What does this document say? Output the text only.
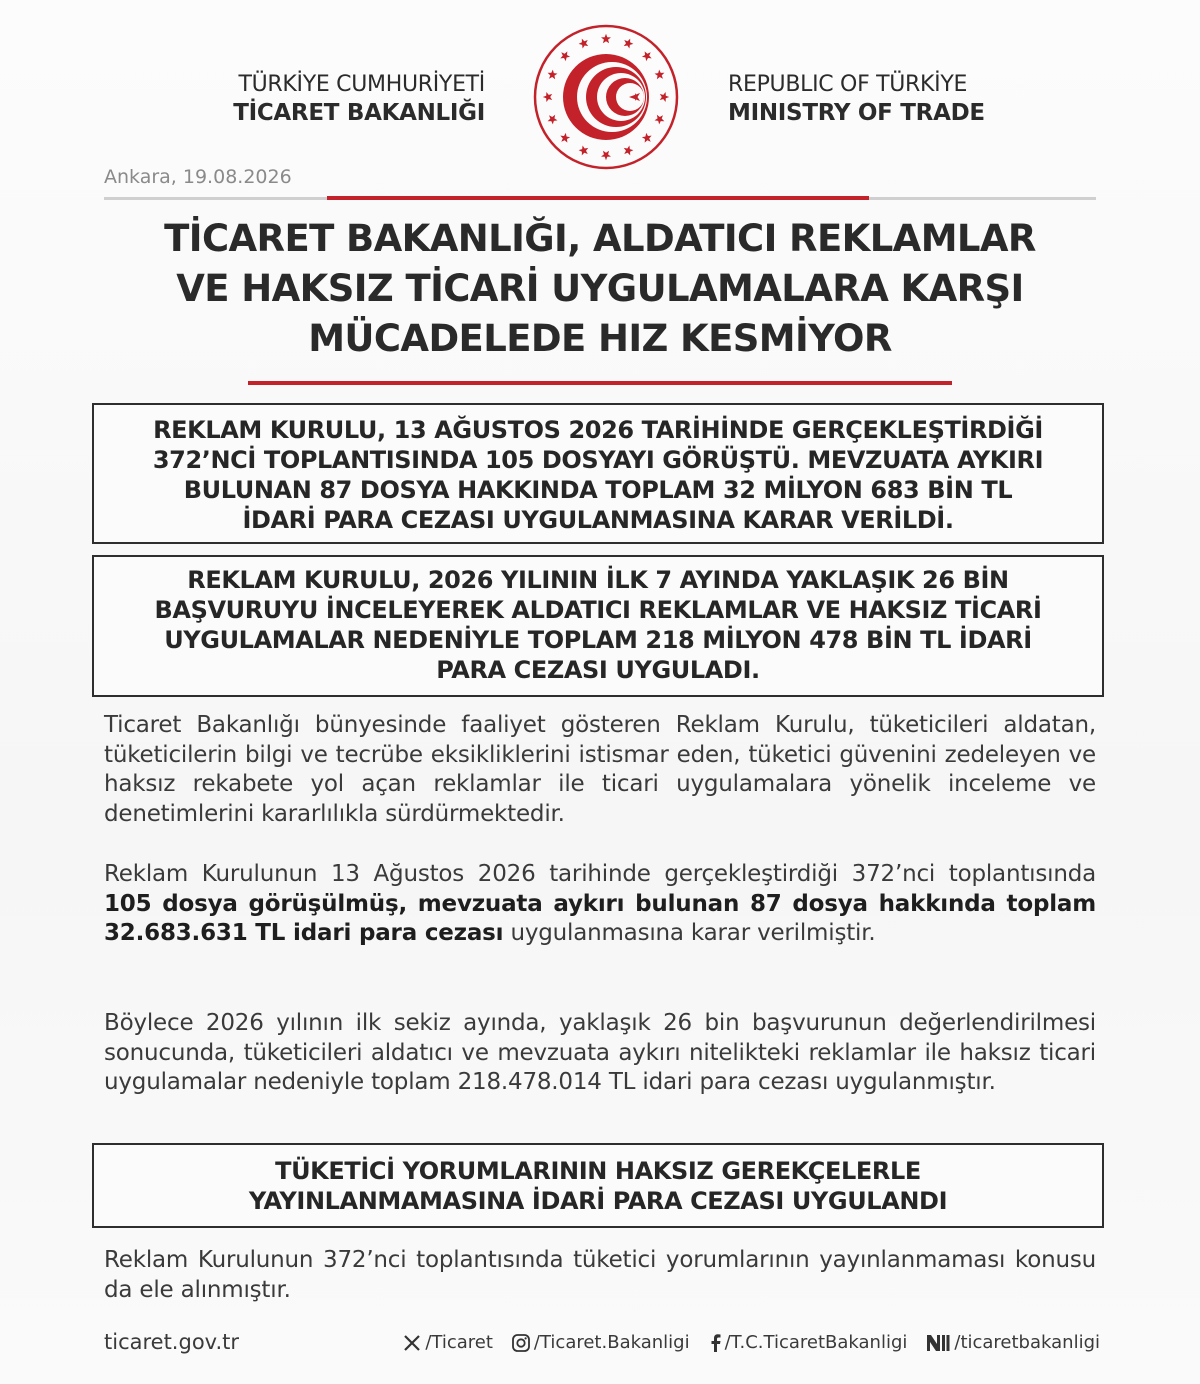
TÜRKİYE CUMHURİYETİ
TİCARET BAKANLIĞI
REPUBLIC OF TÜRKİYE
MINISTRY OF TRADE
Ankara, 19.08.2026
TİCARET BAKANLIĞI, ALDATICI REKLAMLAR
VE HAKSIZ TİCARİ UYGULAMALARA KARŞI
MÜCADELEDE HIZ KESMİYOR
REKLAM KURULU, 13 AĞUSTOS 2026 TARİHİNDE GERÇEKLEŞTİRDİĞİ
372’NCİ TOPLANTISINDA 105 DOSYAYI GÖRÜŞTÜ. MEVZUATA AYKIRI
BULUNAN 87 DOSYA HAKKINDA TOPLAM 32 MİLYON 683 BİN TL
İDARİ PARA CEZASI UYGULANMASINA KARAR VERİLDİ.
REKLAM KURULU, 2026 YILININ İLK 7 AYINDA YAKLAŞIK 26 BİN
BAŞVURUYU İNCELEYEREK ALDATICI REKLAMLAR VE HAKSIZ TİCARİ
UYGULAMALAR NEDENİYLE TOPLAM 218 MİLYON 478 BİN TL İDARİ
PARA CEZASI UYGULADI.
Ticaret Bakanlığı bünyesinde faaliyet gösteren Reklam Kurulu, tüketicileri aldatan, tüketicilerin bilgi ve tecrübe eksikliklerini istismar eden, tüketici güvenini zedeleyen ve haksız rekabete yol açan reklamlar ile ticari uygulamalara yönelik inceleme ve denetimlerini kararlılıkla sürdürmektedir.
Reklam Kurulunun 13 Ağustos 2026 tarihinde gerçekleştirdiği 372’nci toplantısında 105 dosya görüşülmüş, mevzuata aykırı bulunan 87 dosya hakkında toplam 32.683.631 TL idari para cezası uygulanmasına karar verilmiştir.
Böylece 2026 yılının ilk sekiz ayında, yaklaşık 26 bin başvurunun değerlendirilmesi sonucunda, tüketicileri aldatıcı ve mevzuata aykırı nitelikteki reklamlar ile haksız ticari uygulamalar nedeniyle toplam 218.478.014 TL idari para cezası uygulanmıştır.
TÜKETİCİ YORUMLARININ HAKSIZ GEREKÇELERLE
YAYINLANMAMASINA İDARİ PARA CEZASI UYGULANDI
Reklam Kurulunun 372’nci toplantısında tüketici yorumlarının yayınlanmaması konusu da ele alınmıştır.
ticaret.gov.tr	/Ticaret /Ticaret.Bakanligi /T.C.TicaretBakanligi	/ticaretbakanligi
